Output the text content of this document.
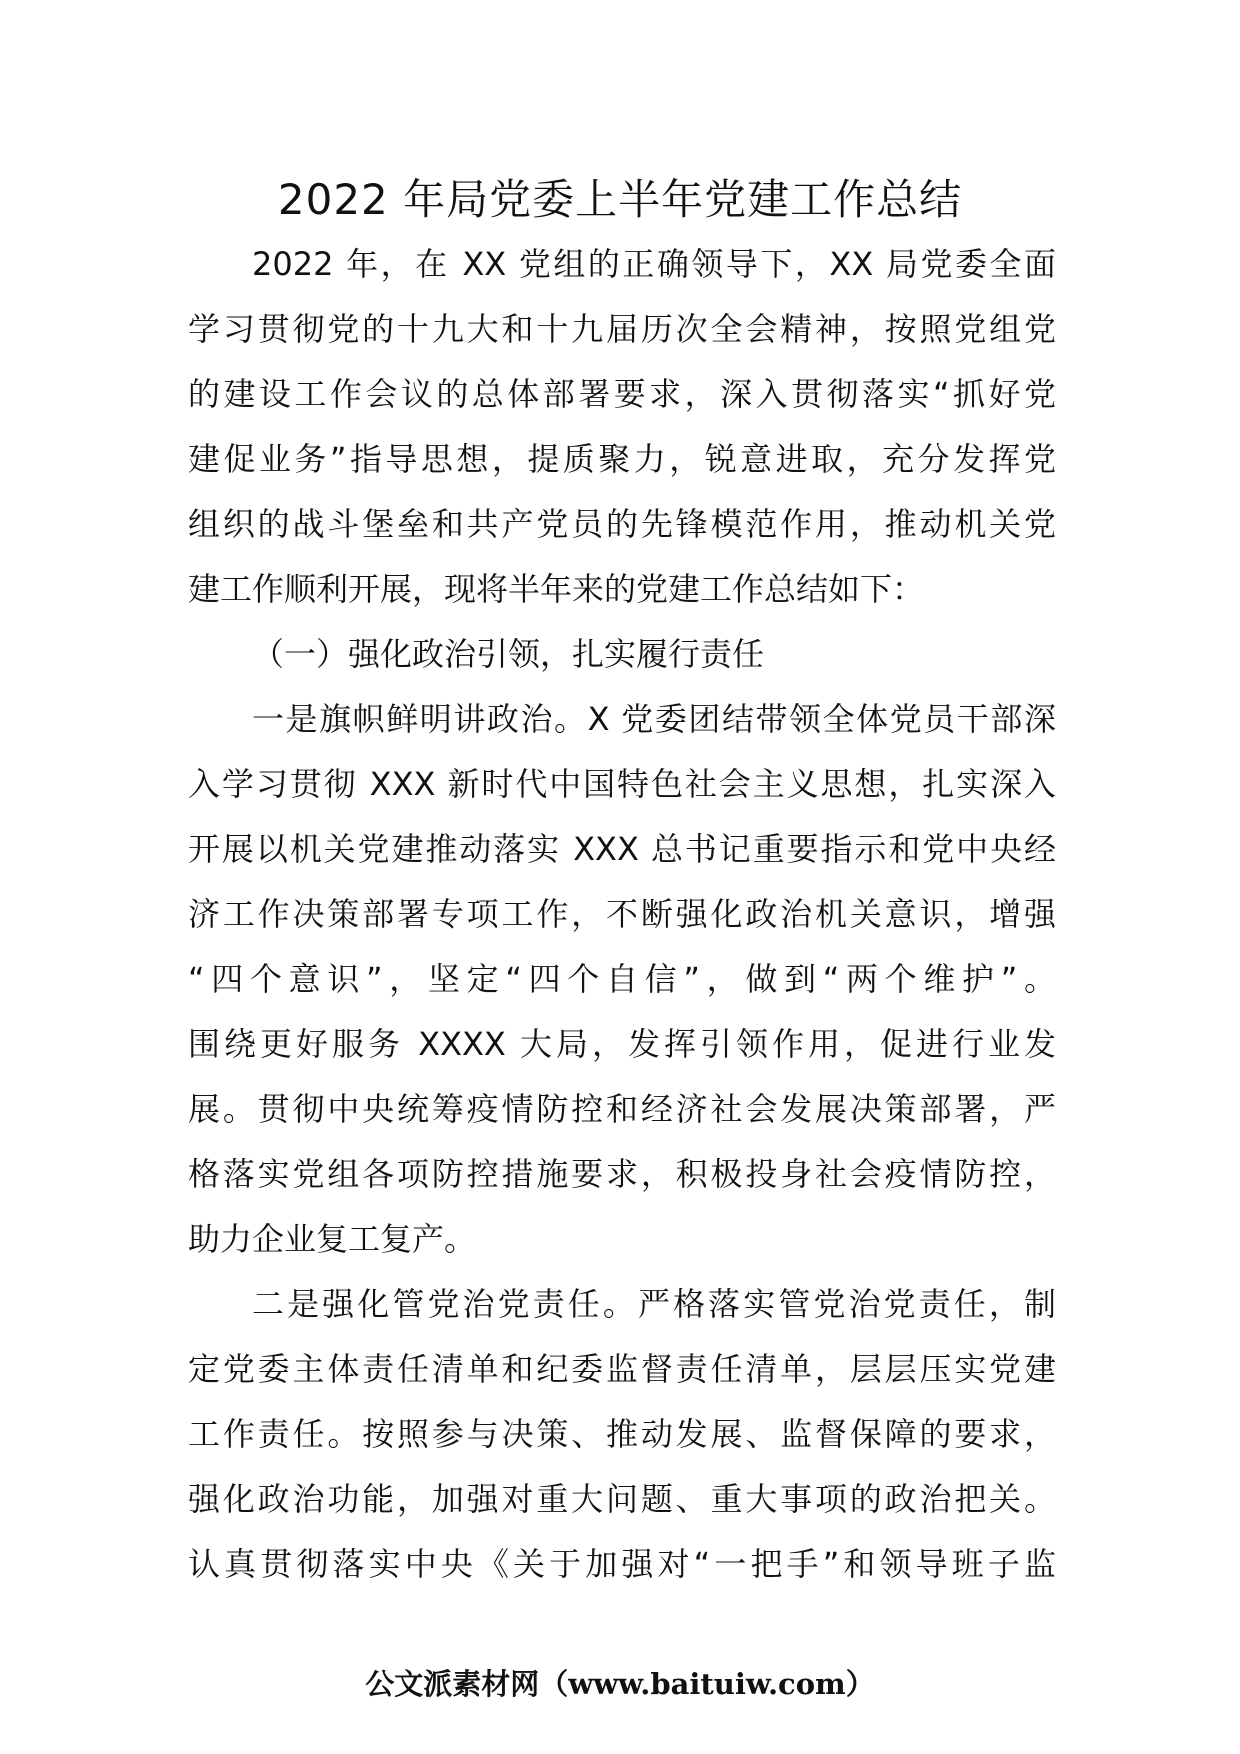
2022 年局党委上半年党建工作总结
2022 年，在 XX 党组的正确领导下，XX 局党委全面
学习贯彻党的十九大和十九届历次全会精神，按照党组党
的建设工作会议的总体部署要求，深入贯彻落实“抓好党
建促业务”指导思想，提质聚力，锐意进取，充分发挥党
组织的战斗堡垒和共产党员的先锋模范作用，推动机关党
建工作顺利开展，现将半年来的党建工作总结如下：
（一）强化政治引领，扎实履行责任
一是旗帜鲜明讲政治。X 党委团结带领全体党员干部深
入学习贯彻 XXX 新时代中国特色社会主义思想，扎实深入
开展以机关党建推动落实 XXX 总书记重要指示和党中央经
济工作决策部署专项工作，不断强化政治机关意识，增强
“四个意识”，坚定“四个自信”，做到“两个维护”。
围绕更好服务 XXXX 大局，发挥引领作用，促进行业发
展。贯彻中央统筹疫情防控和经济社会发展决策部署，严
格落实党组各项防控措施要求，积极投身社会疫情防控，
助力企业复工复产。
二是强化管党治党责任。严格落实管党治党责任，制
定党委主体责任清单和纪委监督责任清单，层层压实党建
工作责任。按照参与决策、推动发展、监督保障的要求，
强化政治功能，加强对重大问题、重大事项的政治把关。
认真贯彻落实中央《关于加强对“一把手”和领导班子监
公文派素材网（www.baituiw.com）
